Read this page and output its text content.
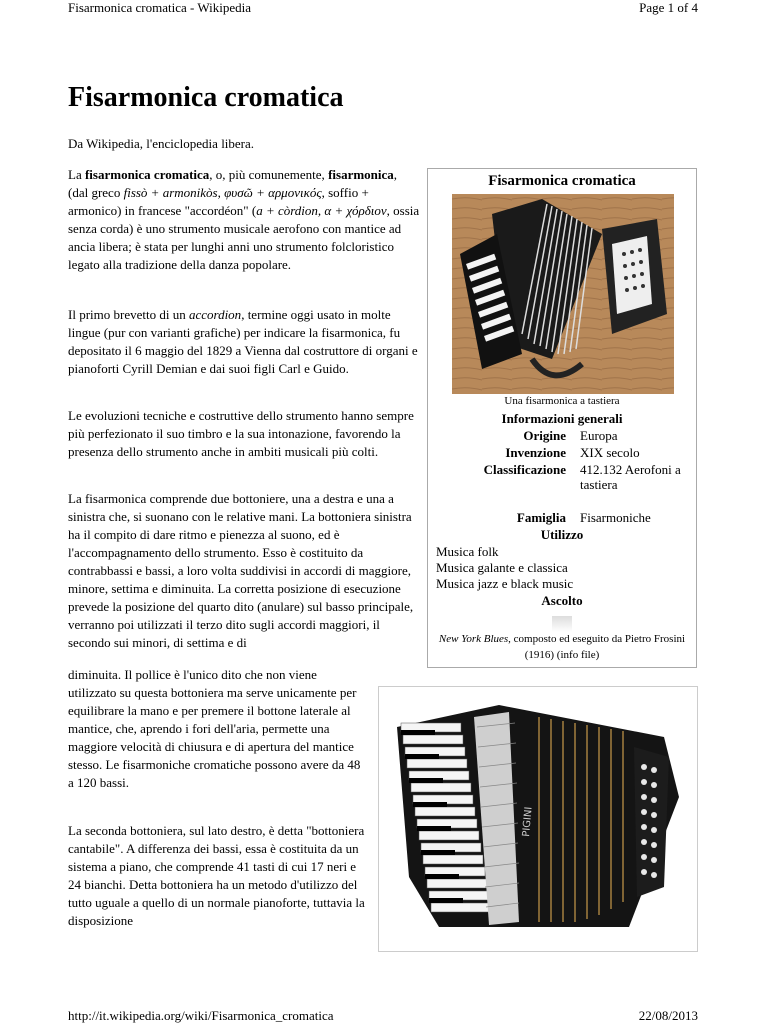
Fisarmonica cromatica - Wikipedia	Page 1 of 4
Fisarmonica cromatica
Da Wikipedia, l'enciclopedia libera.

La fisarmonica cromatica, o, più comunemente, fisarmonica, (dal greco fissò + armonikòs, φυσῶ + αρμονικός, soffio + armonico) in francese "accordéon" (a + còrdion, α + χόρδιον, ossia senza corda) è uno strumento musicale aerofono con mantice ad ancia libera; è stata per lunghi anni uno strumento folcloristico legato alla tradizione della danza popolare.

Il primo brevetto di un accordion, termine oggi usato in molte lingue (pur con varianti grafiche) per indicare la fisarmonica, fu depositato il 6 maggio del 1829 a Vienna dal costruttore di organi e pianoforti Cyrill Demian e dai suoi figli Carl e Guido.

Le evoluzioni tecniche e costruttive dello strumento hanno sempre più perfezionato il suo timbro e la sua intonazione, favorendo la presenza dello strumento anche in ambiti musicali più colti.

La fisarmonica comprende due bottoniere, una a destra e una a sinistra che, si suonano con le relative mani. La bottoniera sinistra ha il compito di dare ritmo e pienezza al suono, ed è l'accompagnamento dello strumento. Esso è costituito da contrabbassi e bassi, a loro volta suddivisi in accordi di maggiore, minore, settima e diminuita. La corretta posizione di esecuzione prevede la posizione del quarto dito (anulare) sul basso principale, verranno poi utilizzati il terzo dito sugli accordi maggiori, il secondo sui minori, di settima e di

diminuita. Il pollice è l'unico dito che non viene utilizzato su questa bottoniera ma serve unicamente per equilibrare la mano e per premere il bottone laterale al mantice, che, aprendo i fori dell'aria, permette una maggiore velocità di chiusura e di apertura del mantice stesso. Le fisarmoniche cromatiche possono avere da 48 a 120 bassi.

La seconda bottoniera, sul lato destro, è detta "bottoniera cantabile". A differenza dei bassi, essa è costituita da un sistema a piano, che comprende 41 tasti di cui 17 neri e 24 bianchi. Detta bottoniera ha un metodo d'utilizzo del tutto uguale a quello di un normale pianoforte, tuttavia la disposizione

Fisarmonica cromatica
Una fisarmonica a tastiera
Informazioni generali
Origine Europa
Invenzione XIX secolo
Classificazione 412.132 Aerofoni a tastiera
Famiglia Fisarmoniche
Utilizzo
Musica folk
Musica galante e classica
Musica jazz e black music
Ascolto
New York Blues, composto ed eseguito da Pietro Frosini (1916) (info file)
PIGINI
http://it.wikipedia.org/wiki/Fisarmonica_cromatica	22/08/2013
